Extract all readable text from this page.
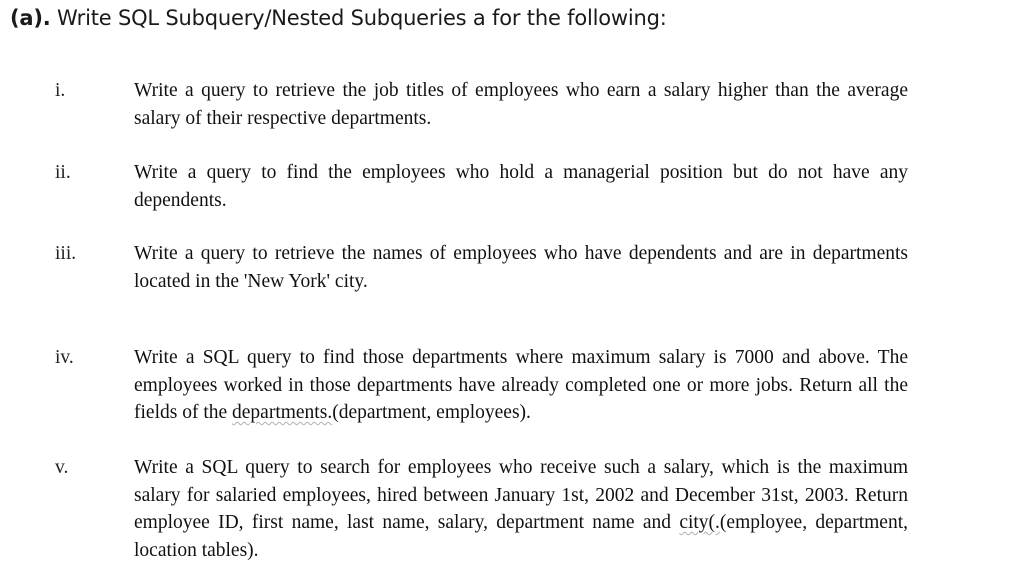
(a). Write SQL Subquery/Nested Subqueries a for the following:
i.	Write a query to retrieve the job titles of employees who earn a salary higher than the average salary of their respective departments.
ii.	Write a query to find the employees who hold a managerial position but do not have any dependents.
iii.	Write a query to retrieve the names of employees who have dependents and are in departments located in the 'New York' city.
iv.	Write a SQL query to find those departments where maximum salary is 7000 and above. The employees worked in those departments have already completed one or more jobs. Return all the fields of the departments.(department, employees).
v.	Write a SQL query to search for employees who receive such a salary, which is the maximum salary for salaried employees, hired between January 1st, 2002 and December 31st, 2003. Return employee ID, first name, last name, salary, department name and city(.(employee, department, location tables).
